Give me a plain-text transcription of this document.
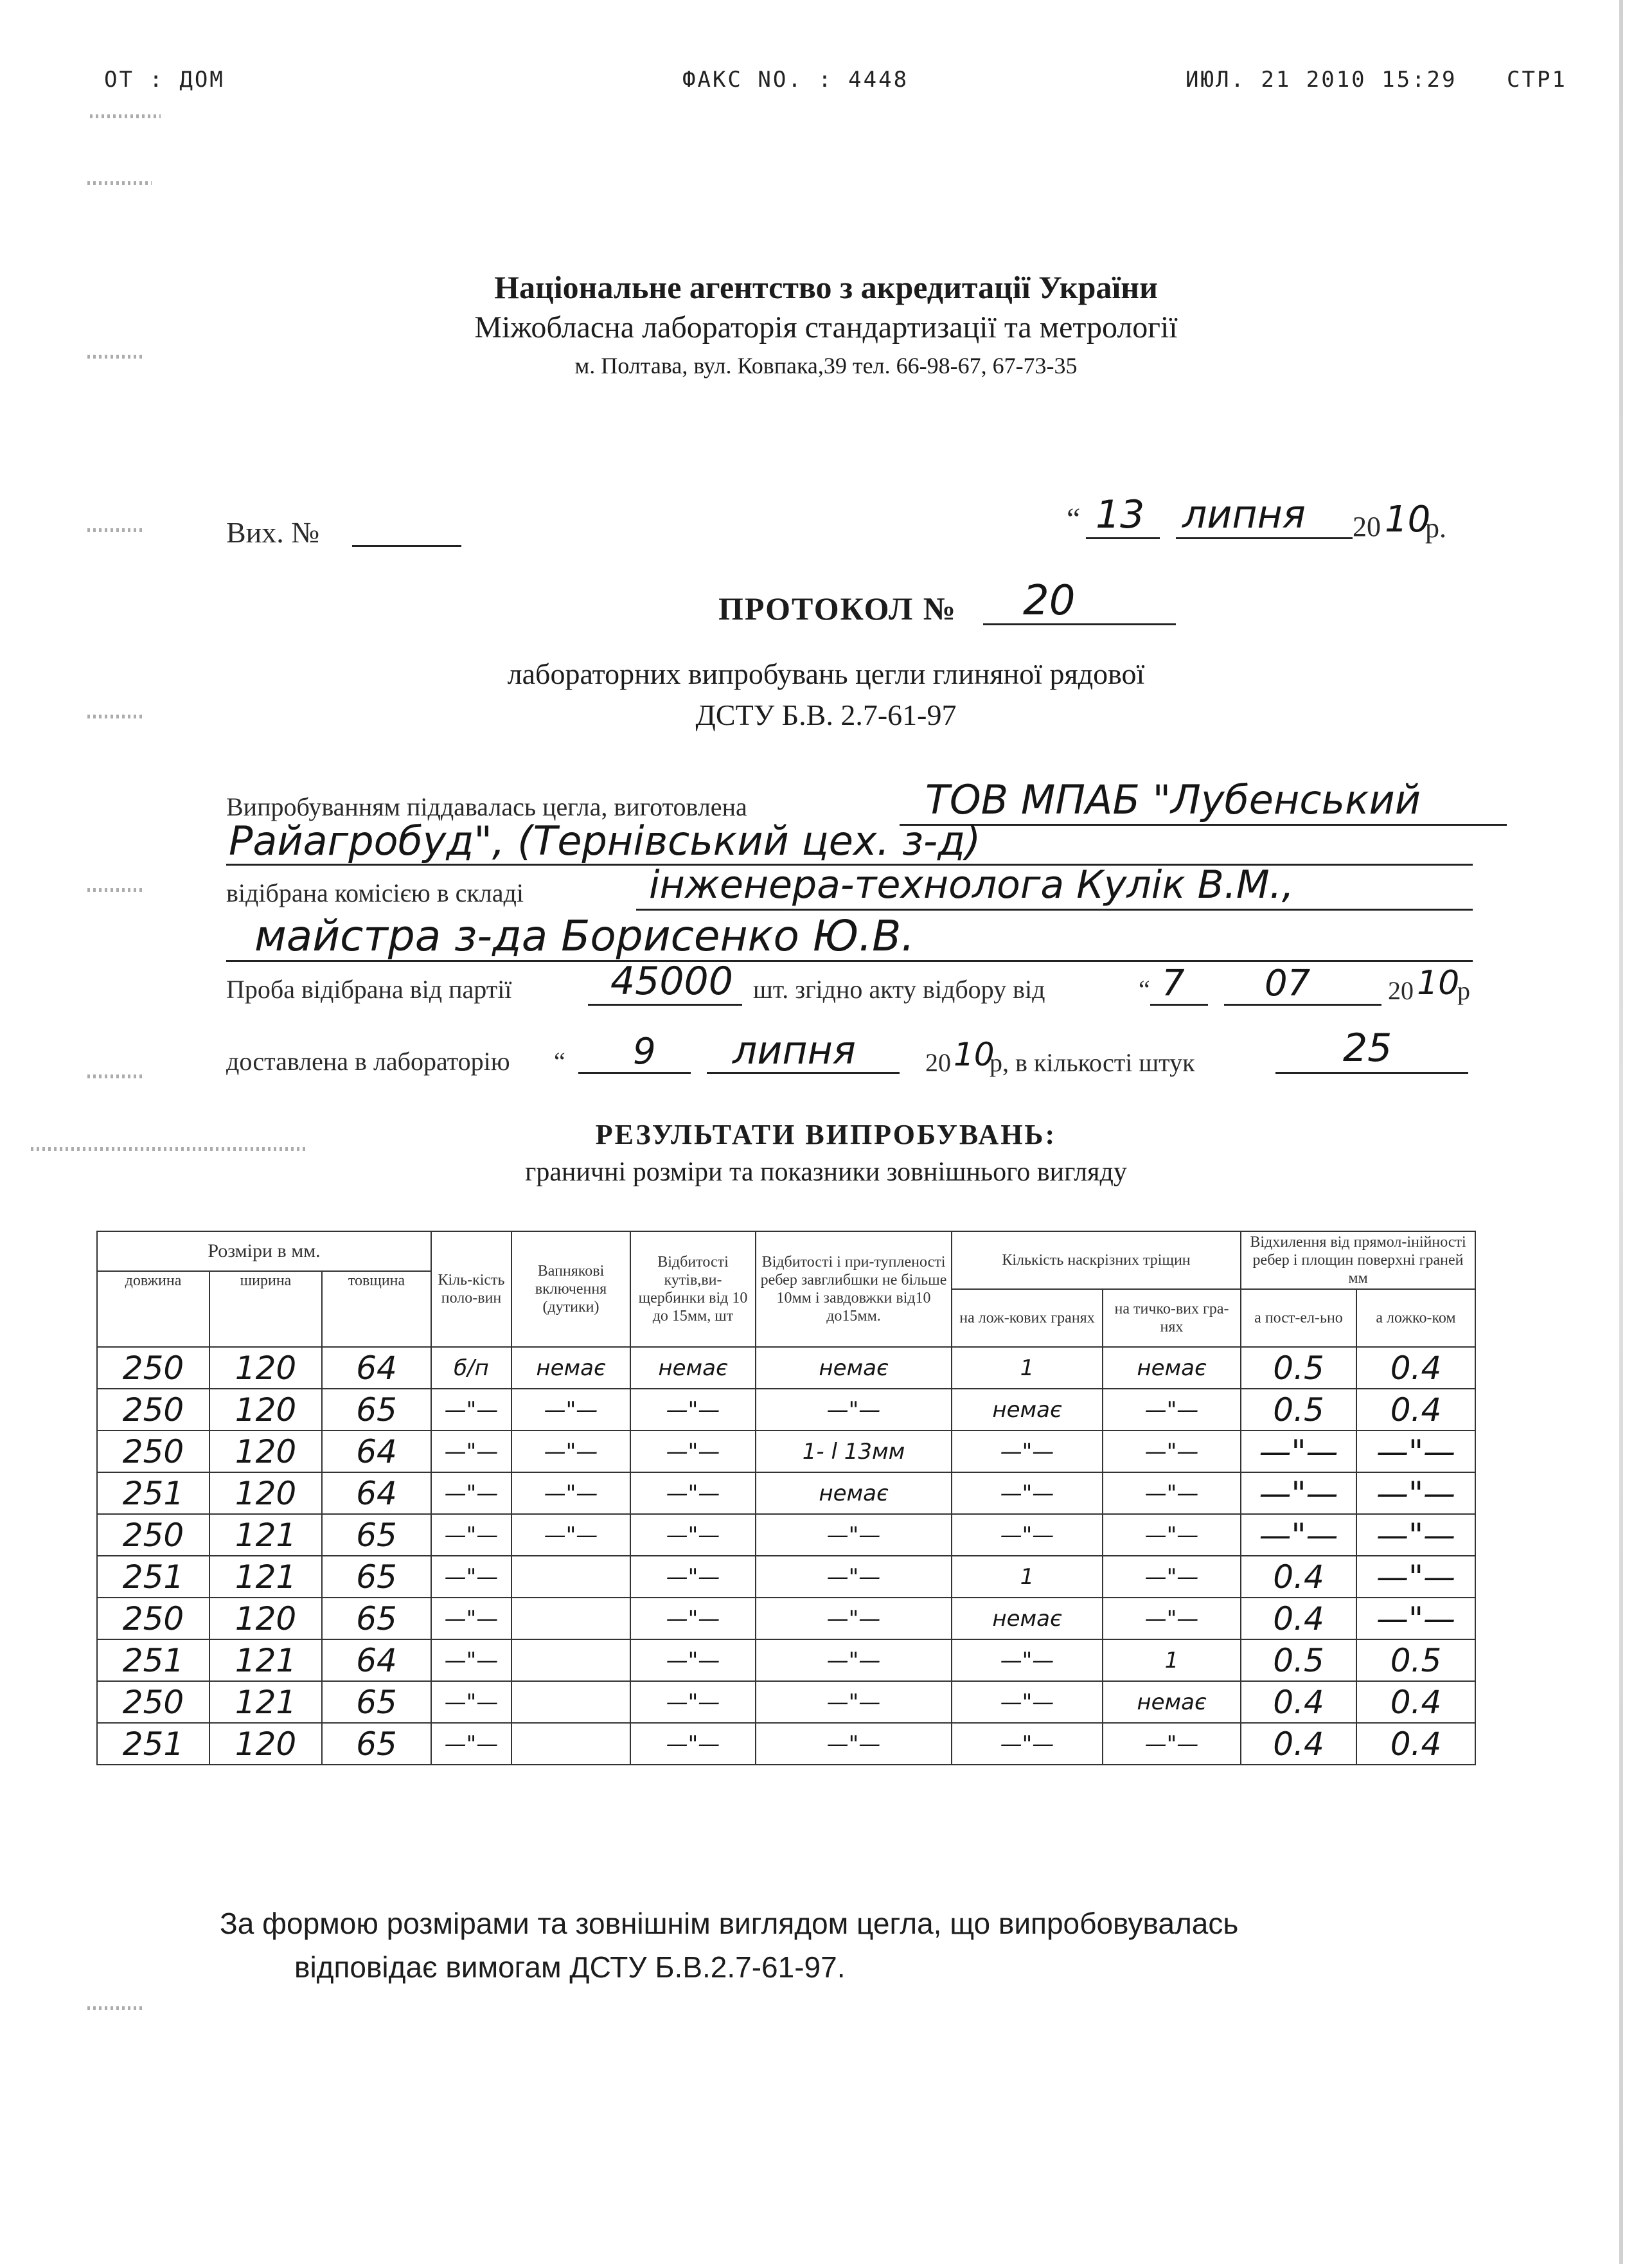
ОТ : ДОМ	ФАКС NO. : 4448	ИЮЛ. 21 2010 15:29 СТР1
Національне агентство з акредитації України
Міжобласна лабораторія стандартизації та метрології
м. Полтава, вул. Ковпака,39 тел. 66-98-67, 67-73-35
Вих. №	“ 13 липня 20 10
р.
ПРОТОКОЛ № 20
лабораторних випробувань цегли глиняної рядової
ДСТУ Б.В. 2.7-61-97
Випробуванням піддавалась цегла, виготовлена	ТОВ МПАБ "Лубенський
Райагробуд", (Тернівський цех. з-д)
відібрана комісією в складі	інженера-технолога Кулік В.М.,
майстра з-да Борисенко Ю.В.
Проба відібрана від партії	45000 шт. згідно акту відбору від	“ 7 07	20 10
р
доставлена в лабораторію “ 9 липня	20 10
р, в кількості штук	25
РЕЗУЛЬТАТИ ВИПРОБУВАНЬ:
граничні розміри та показники зовнішнього вигляду
Розміри в мм.			Кіль-кість поло-вин	Вапнякові включення (дутики)	Відбитості кутів,ви-щербинки від 10 до 15мм, шт	Відбитості і при-тупленості ребер завглибшки не більше 10мм і завдовжки від10 до15мм.	Кількість наскрізних тріщин		Відхилення від прямол-інійності ребер і площин поверхні граней мм	
довжина	ширина	товщина								
							на лож-кових гранях	на тичко-вих гра-нях	а пост-ел-ьно	а ложко-ком
250	120	64	б/п	немає	немає	немає	1	немає	0.5	0.4
250	120	65	—"—	—"—	—"—	—"—	немає	—"—	0.5	0.4
250	120	64	—"—	—"—	—"—	1- l 13мм	—"—	—"—	—"—	—"—
251	120	64	—"—	—"—	—"—	немає	—"—	—"—	—"—	—"—
250	121	65	—"—	—"—	—"—	—"—	—"—	—"—	—"—	—"—
251	121	65	—"—		—"—	—"—	1	—"—	0.4	—"—
250	120	65	—"—		—"—	—"—	немає	—"—	0.4	—"—
251	121	64	—"—		—"—	—"—	—"—	1	0.5	0.5
250	121	65	—"—		—"—	—"—	—"—	немає	0.4	0.4
251	120	65	—"—		—"—	—"—	—"—	—"—	0.4	0.4
За формою розмірами та зовнішнім виглядом цегла, що випробовувалась
відповідає вимогам ДСТУ Б.В.2.7-61-97.
